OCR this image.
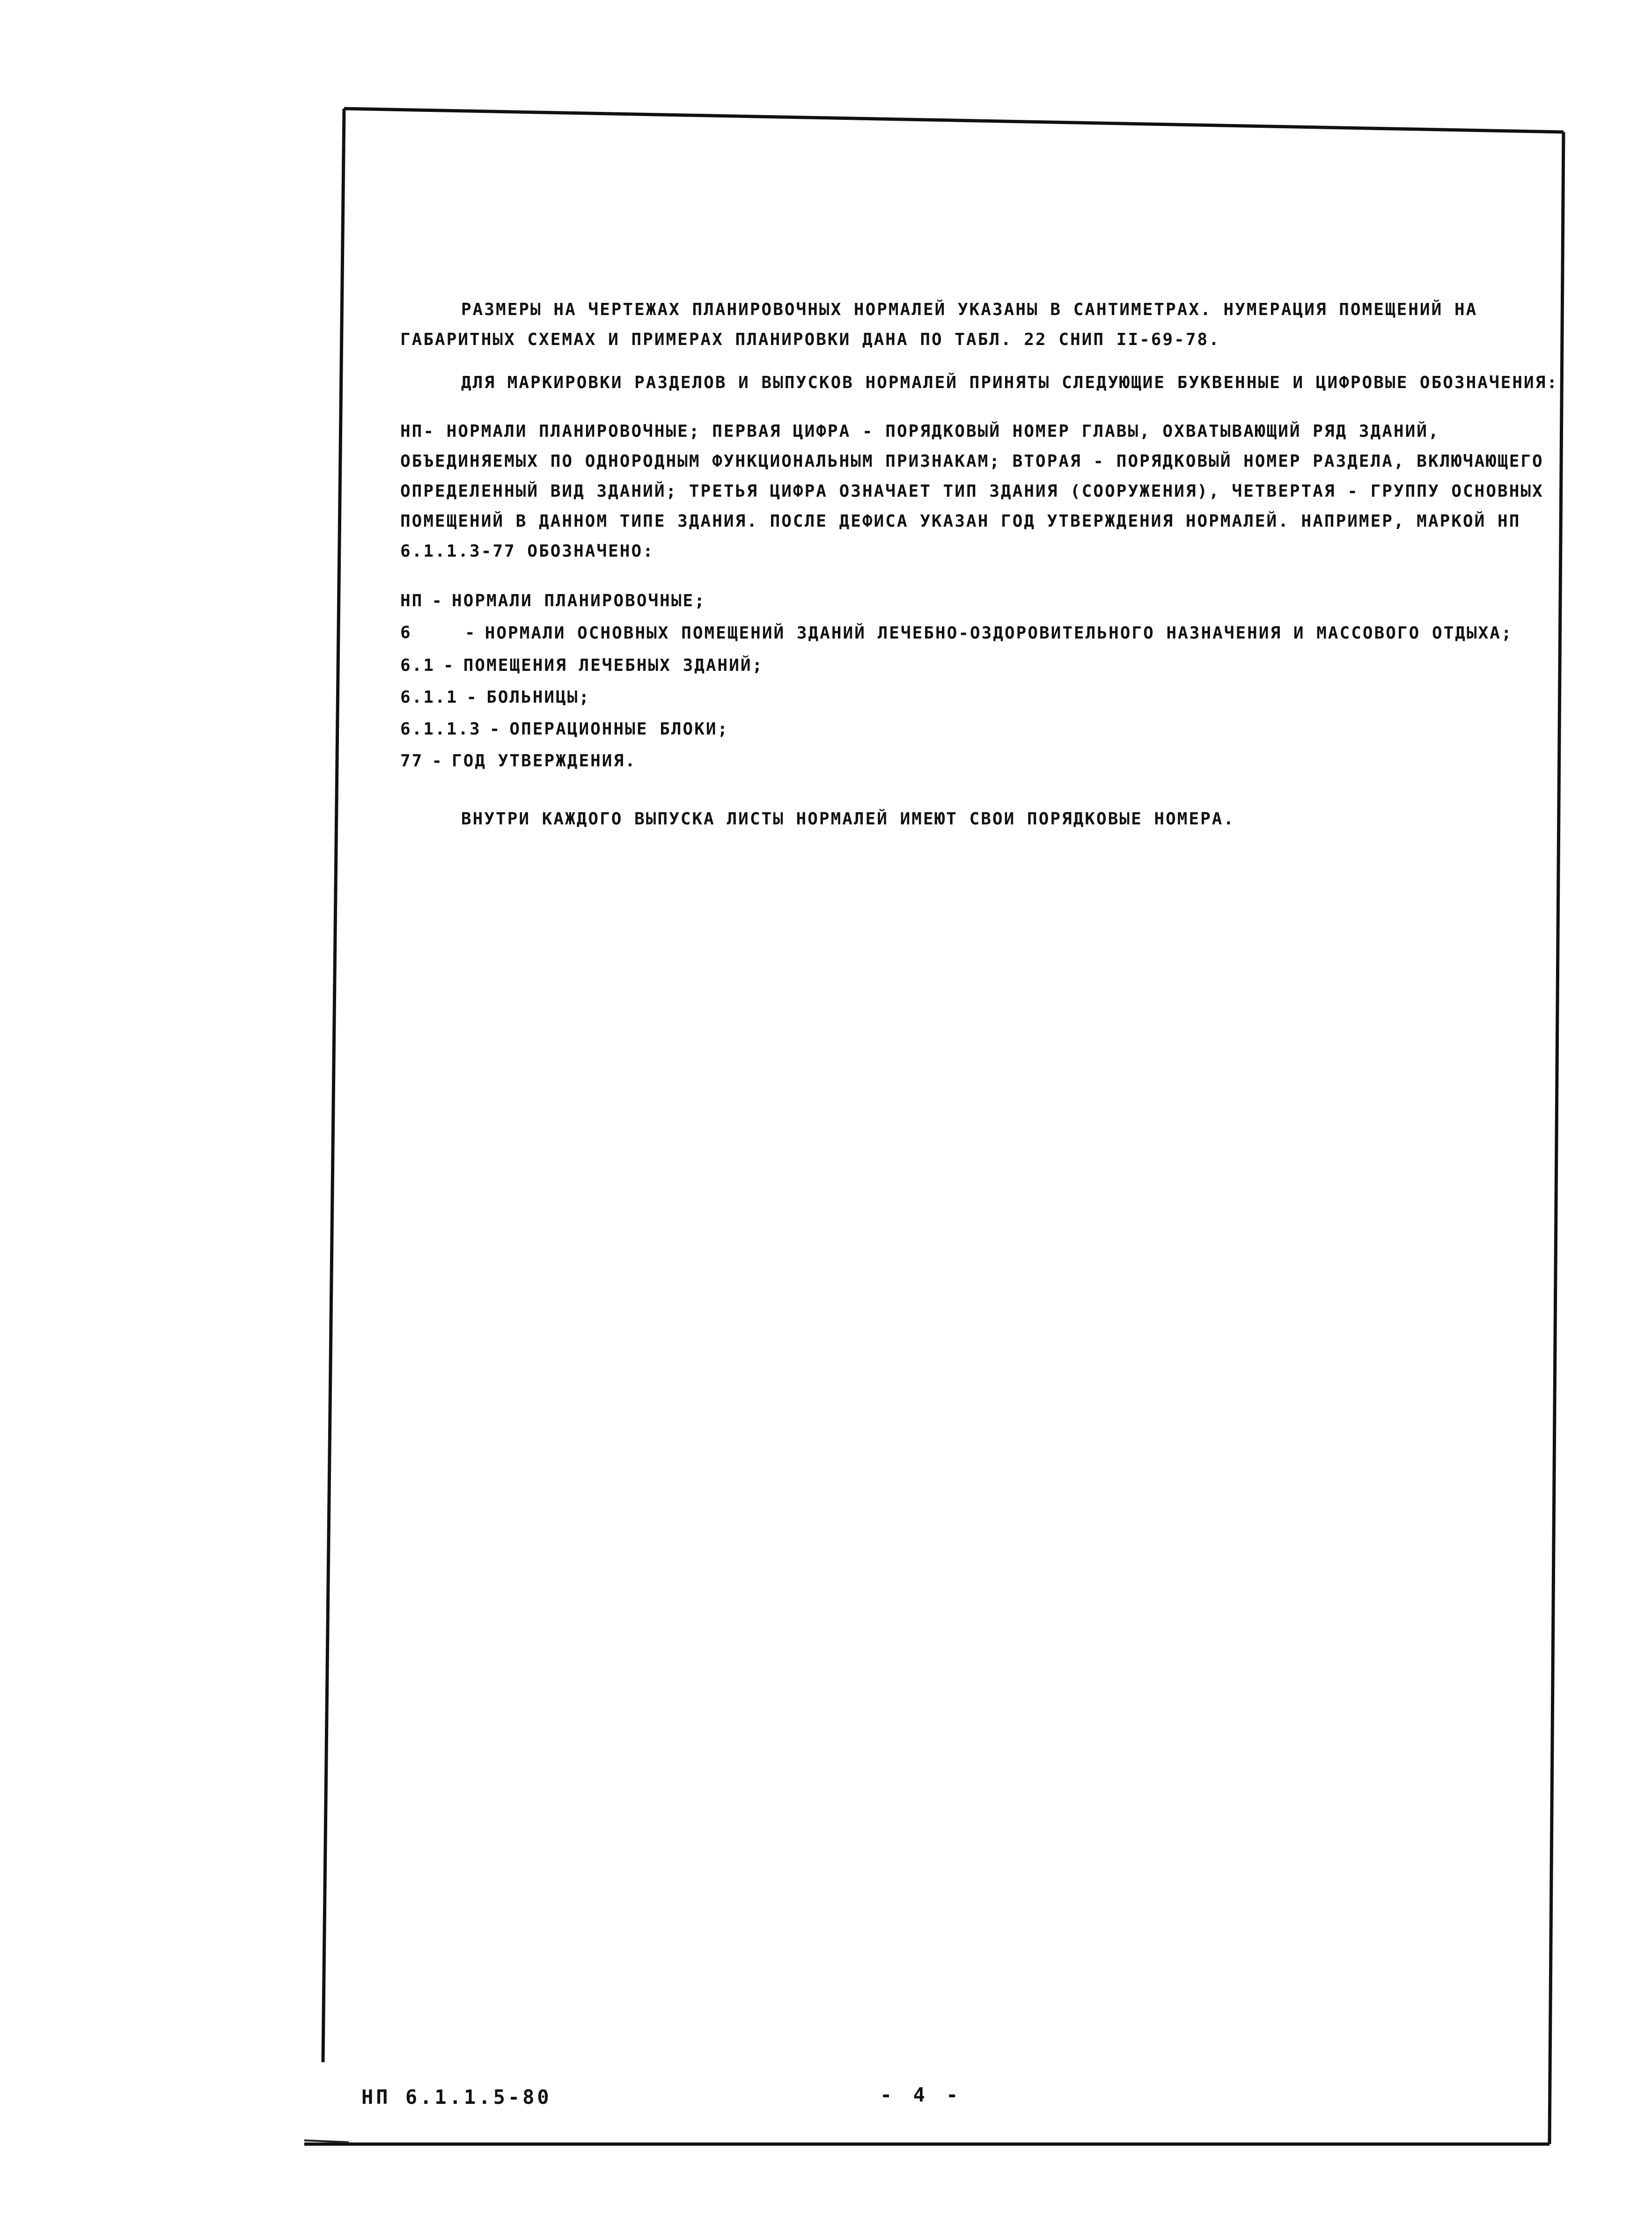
РАЗМЕРЫ НА ЧЕРТЕЖАХ ПЛАНИРОВОЧНЫХ НОРМАЛЕЙ УКАЗАНЫ В САНТИМЕТРАХ. НУМЕРАЦИЯ ПОМЕЩЕНИЙ НА ГАБАРИТНЫХ СХЕМАХ И ПРИМЕРАХ ПЛАНИРОВКИ ДАНА ПО ТАБЛ. 22 СНИП II-69-78.

ДЛЯ МАРКИРОВКИ РАЗДЕЛОВ И ВЫПУСКОВ НОРМАЛЕЙ ПРИНЯТЫ СЛЕДУЮЩИЕ БУКВЕННЫЕ И ЦИФРОВЫЕ ОБОЗНАЧЕНИЯ:

НП- НОРМАЛИ ПЛАНИРОВОЧНЫЕ; ПЕРВАЯ ЦИФРА - ПОРЯДКОВЫЙ НОМЕР ГЛАВЫ, ОХВАТЫВАЮЩИЙ РЯД ЗДАНИЙ, ОБЪЕДИНЯЕМЫХ ПО ОДНОРОДНЫМ ФУНКЦИОНАЛЬНЫМ ПРИЗНАКАМ; ВТОРАЯ - ПОРЯДКОВЫЙ НОМЕР РАЗДЕЛА, ВКЛЮЧАЮЩЕГО ОПРЕДЕЛЕННЫЙ ВИД ЗДАНИЙ; ТРЕТЬЯ ЦИФРА ОЗНАЧАЕТ ТИП ЗДАНИЯ (СООРУЖЕНИЯ), ЧЕТВЕРТАЯ - ГРУППУ ОСНОВНЫХ ПОМЕЩЕНИЙ В ДАННОМ ТИПЕ ЗДАНИЯ. ПОСЛЕ ДЕФИСА УКАЗАН ГОД УТВЕРЖДЕНИЯ НОРМАЛЕЙ. НАПРИМЕР, МАРКОЙ НП 6.1.1.3-77 ОБОЗНАЧЕНО:

НП - НОРМАЛИ ПЛАНИРОВОЧНЫЕ;
6	- НОРМАЛИ ОСНОВНЫХ ПОМЕЩЕНИЙ ЗДАНИЙ ЛЕЧЕБНО-ОЗДОРОВИТЕЛЬНОГО НАЗНАЧЕНИЯ И МАССОВОГО ОТДЫХА;
6.1 - ПОМЕЩЕНИЯ ЛЕЧЕБНЫХ ЗДАНИЙ;
6.1.1 - БОЛЬНИЦЫ;
6.1.1.3 - ОПЕРАЦИОННЫЕ БЛОКИ;
77 - ГОД УТВЕРЖДЕНИЯ.

ВНУТРИ КАЖДОГО ВЫПУСКА ЛИСТЫ НОРМАЛЕЙ ИМЕЮТ СВОИ ПОРЯДКОВЫЕ НОМЕРА.

НП 6.1.1.5-80	- 4 -
